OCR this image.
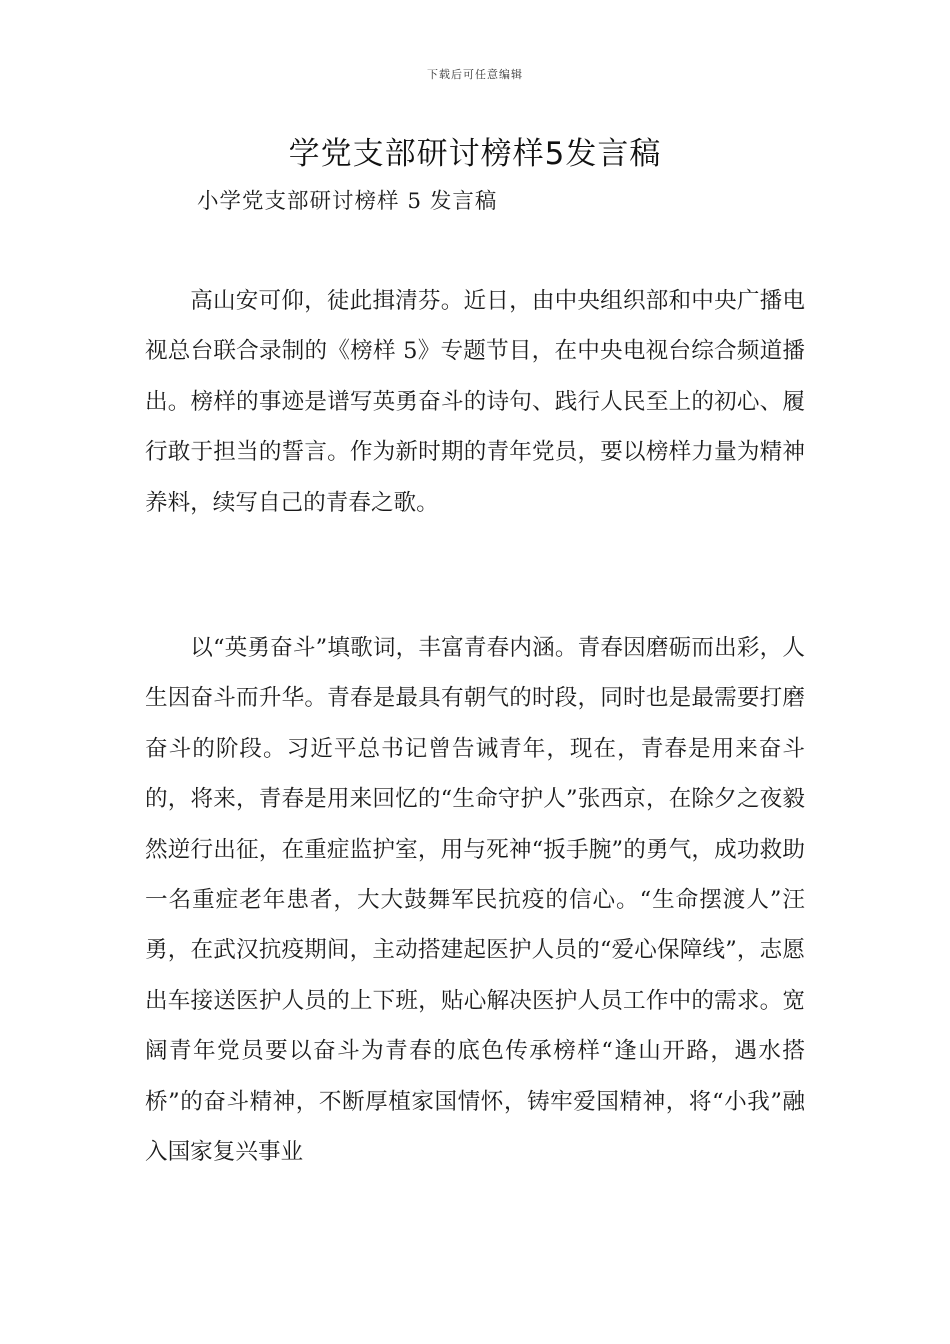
下载后可任意编辑
学党支部研讨榜样5发言稿
小学党支部研讨榜样 5 发言稿

高山安可仰，徒此揖清芬。近日，由中央组织部和中央广播电视总台联合录制的《榜样 5》专题节目，在中央电视台综合频道播出。榜样的事迹是谱写英勇奋斗的诗句、践行人民至上的初心、履行敢于担当的誓言。作为新时期的青年党员，要以榜样力量为精神养料，续写自己的青春之歌。

以“英勇奋斗”填歌词，丰富青春内涵。青春因磨砺而出彩，人生因奋斗而升华。青春是最具有朝气的时段，同时也是最需要打磨奋斗的阶段。习近平总书记曾告诫青年，现在，青春是用来奋斗的，将来，青春是用来回忆的“生命守护人”张西京，在除夕之夜毅然逆行出征，在重症监护室，用与死神“扳手腕”的勇气，成功救助一名重症老年患者，大大鼓舞军民抗疫的信心。“生命摆渡人”汪勇，在武汉抗疫期间，主动搭建起医护人员的“爱心保障线”，志愿出车接送医护人员的上下班，贴心解决医护人员工作中的需求。宽阔青年党员要以奋斗为青春的底色传承榜样“逢山开路，遇水搭桥”的奋斗精神，不断厚植家国情怀，铸牢爱国精神，将“小我”融入国家复兴事业
